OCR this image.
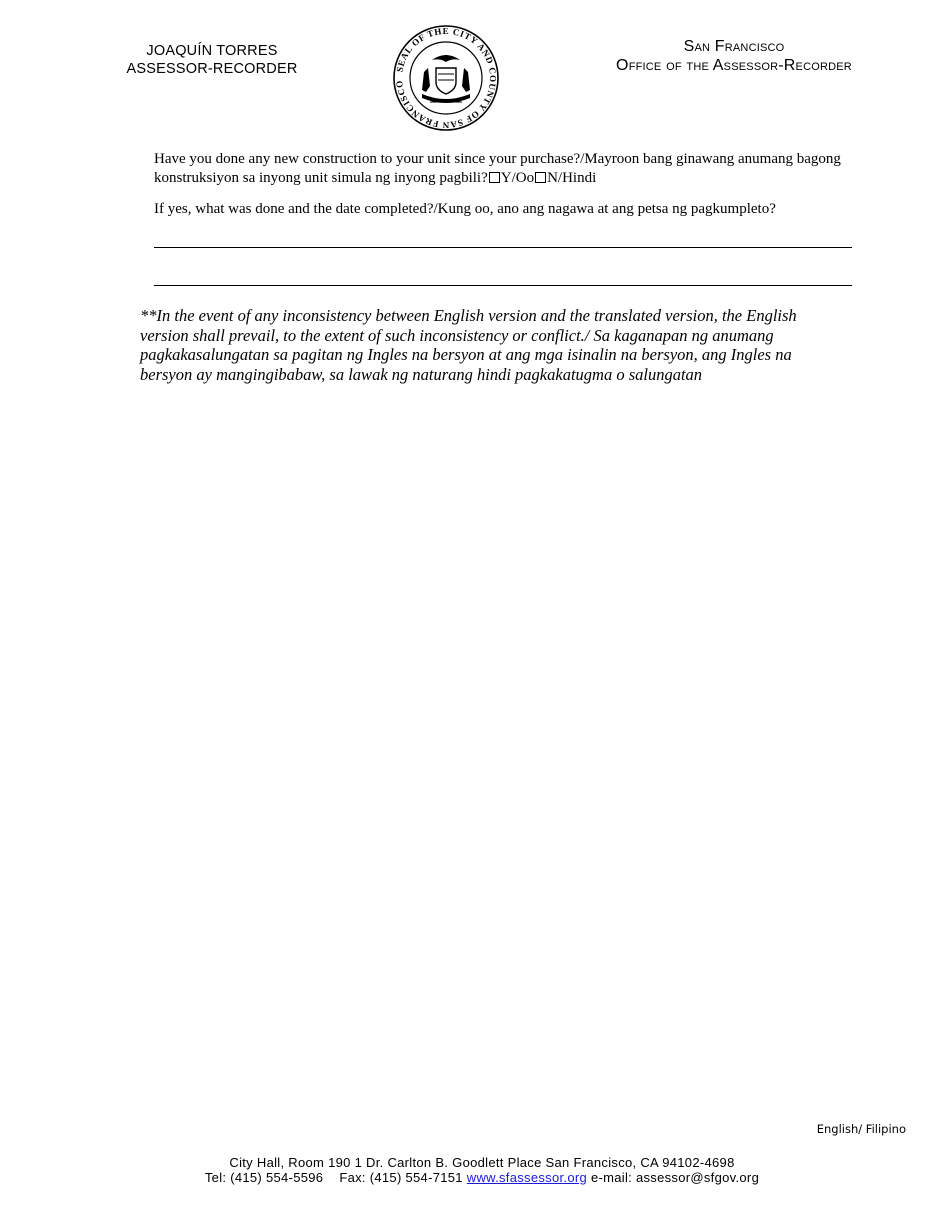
JOAQUÍN TORRES
ASSESSOR-RECORDER	SEAL OF THE CITY AND COUNTY OF SAN FRANCISCO
San Francisco
Office of the Assessor-Recorder
Have you done any new construction to your unit since your purchase?/Mayroon bang ginawang anumang bagong konstruksiyon sa inyong unit simula ng inyong pagbili? Y/Oo N/Hindi
If yes, what was done and the date completed?/Kung oo, ano ang nagawa at ang petsa ng pagkumpleto?
**In the event of any inconsistency between English version and the translated version, the English version shall prevail, to the extent of such inconsistency or conflict./ Sa kaganapan ng anumang pagkakasalungatan sa pagitan ng Ingles na bersyon at ang mga isinalin na bersyon, ang Ingles na bersyon ay mangingibabaw, sa lawak ng naturang hindi pagkakatugma o salungatan
English/ Filipino
City Hall, Room 190 1 Dr. Carlton B. Goodlett Place San Francisco, CA 94102-4698
Tel: (415) 554-5596 Fax: (415) 554-7151 www.sfassessor.org e-mail: assessor@sfgov.org
